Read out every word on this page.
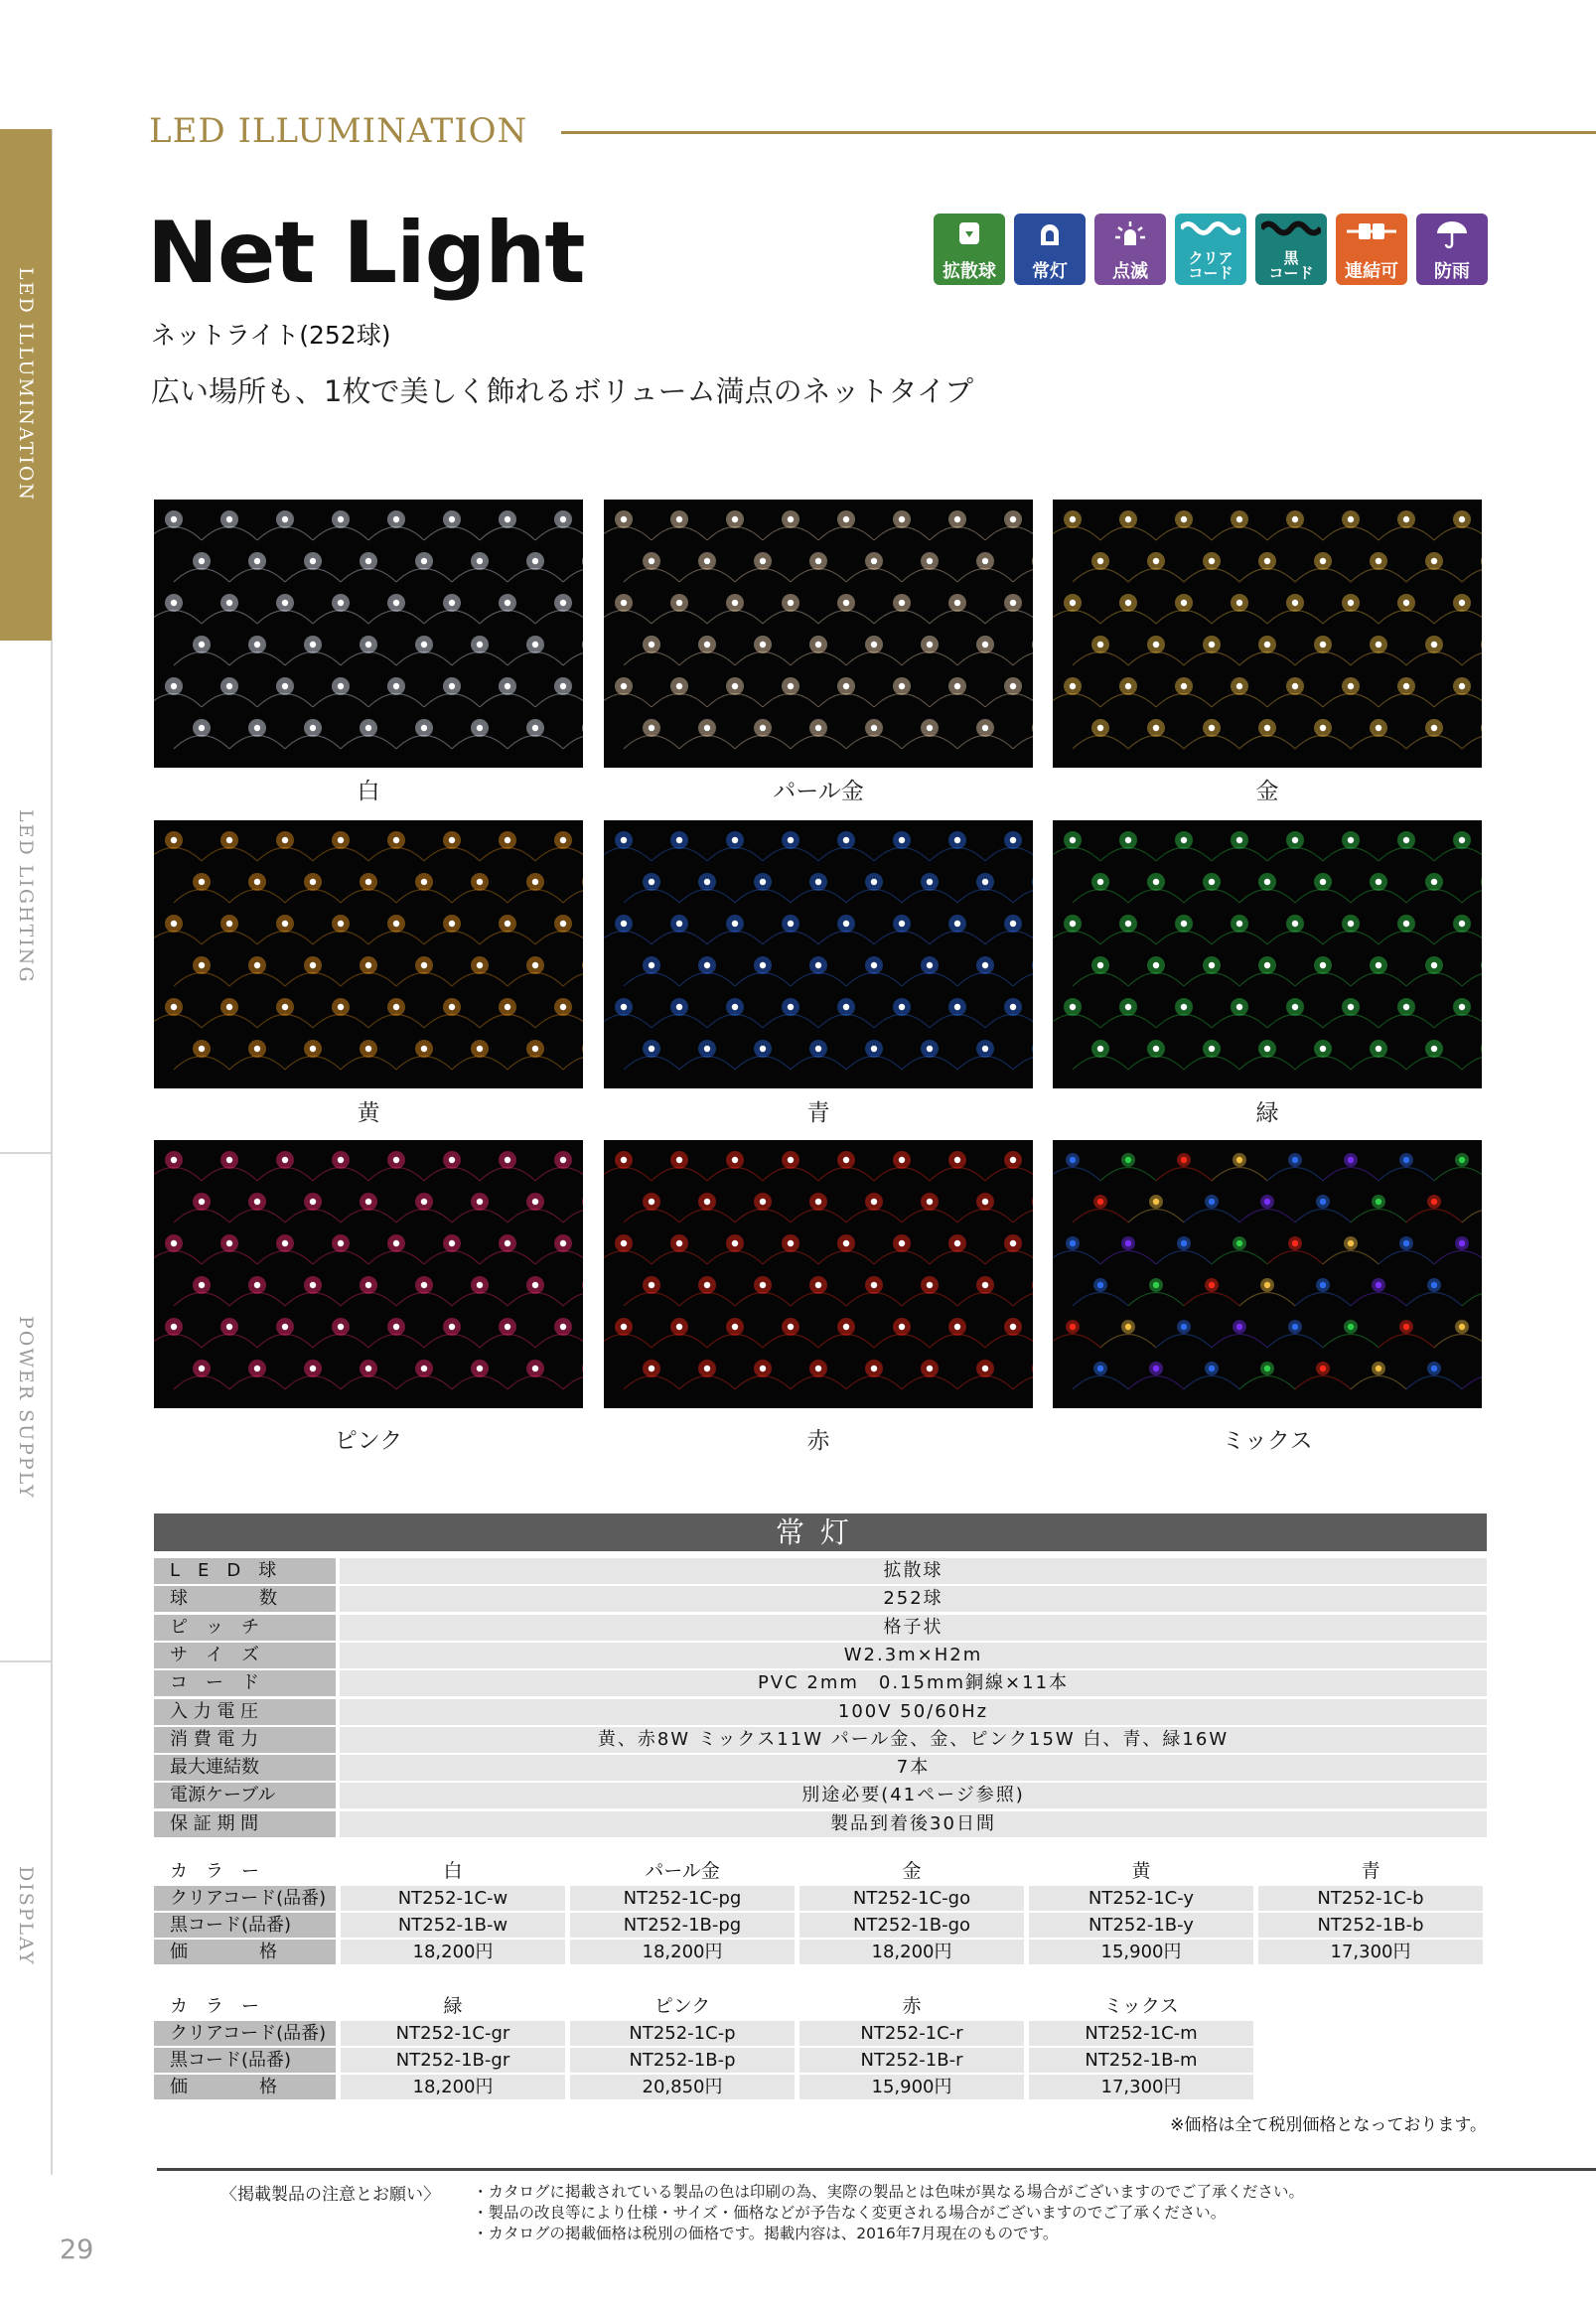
LED ILLUMINATION
LED LIGHTING
POWER SUPPLY
DISPLAY
LED ILLUMINATION
Net Light
ネットライト(252球)
広い場所も、1枚で美しく飾れるボリューム満点のネットタイプ
拡散球 常灯	点滅
クリア
コード
黒
コード 連結可 防雨
白	パール金	金
黄	青	緑
ピンク	赤	ミックス
常灯
L　E　D　球	拡散球
球　　　　数	252球
ピ　ッ　チ	格子状
サ　イ　ズ	W2.3m×H2m
コ　ー　ド	PVC 2mm　0.15mm銅線×11本
入 力 電 圧	100V 50/60Hz
消 費 電 力	黄、赤8W ミックス11W パール金、金、ピンク15W 白、青、緑16W
最大連結数	7本
電源ケーブル	別途必要(41ページ参照)
保 証 期 間	製品到着後30日間
カ　ラ　ー	白	パール金	金	黄	青
クリアコード(品番)	NT252-1C-w	NT252-1C-pg	NT252-1C-go	NT252-1C-y	NT252-1C-b
黒コード(品番)	NT252-1B-w	NT252-1B-pg	NT252-1B-go	NT252-1B-y	NT252-1B-b
価　　　　格	18,200円	18,200円	18,200円	15,900円	17,300円
カ　ラ　ー	緑	ピンク	赤	ミックス
クリアコード(品番)	NT252-1C-gr	NT252-1C-p	NT252-1C-r	NT252-1C-m
黒コード(品番)	NT252-1B-gr	NT252-1B-p	NT252-1B-r	NT252-1B-m
価　　　　格	18,200円	20,850円	15,900円	17,300円
※価格は全て税別価格となっております。
〈掲載製品の注意とお願い〉 ・カタログに掲載されている製品の色は印刷の為、実際の製品とは色味が異なる場合がございますのでご了承ください。
・製品の改良等により仕様・サイズ・価格などが予告なく変更される場合がございますのでご了承ください。
・カタログの掲載価格は税別の価格です。掲載内容は、2016年7月現在のものです。
29
